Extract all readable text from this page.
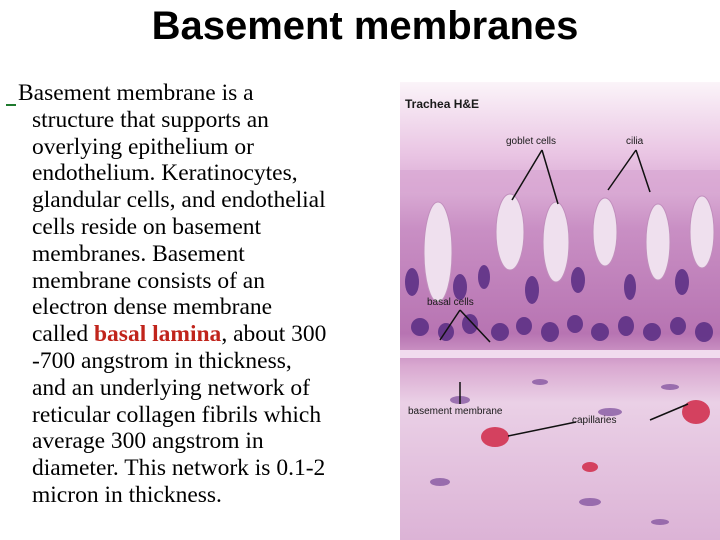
Basement membranes
Basement membrane is a
structure that supports an
overlying epithelium or
endothelium. Keratinocytes,
glandular cells, and endothelial
cells reside on basement
membranes. Basement
membrane consists of an
electron dense membrane
called basal lamina, about 300
-700 angstrom in thickness,
and an underlying network of
reticular collagen fibrils which
average 300 angstrom in
diameter. This network is 0.1-2
micron in thickness.
Trachea H&E
goblet cells	cilia
basal cells
basement membrane
capillaries
